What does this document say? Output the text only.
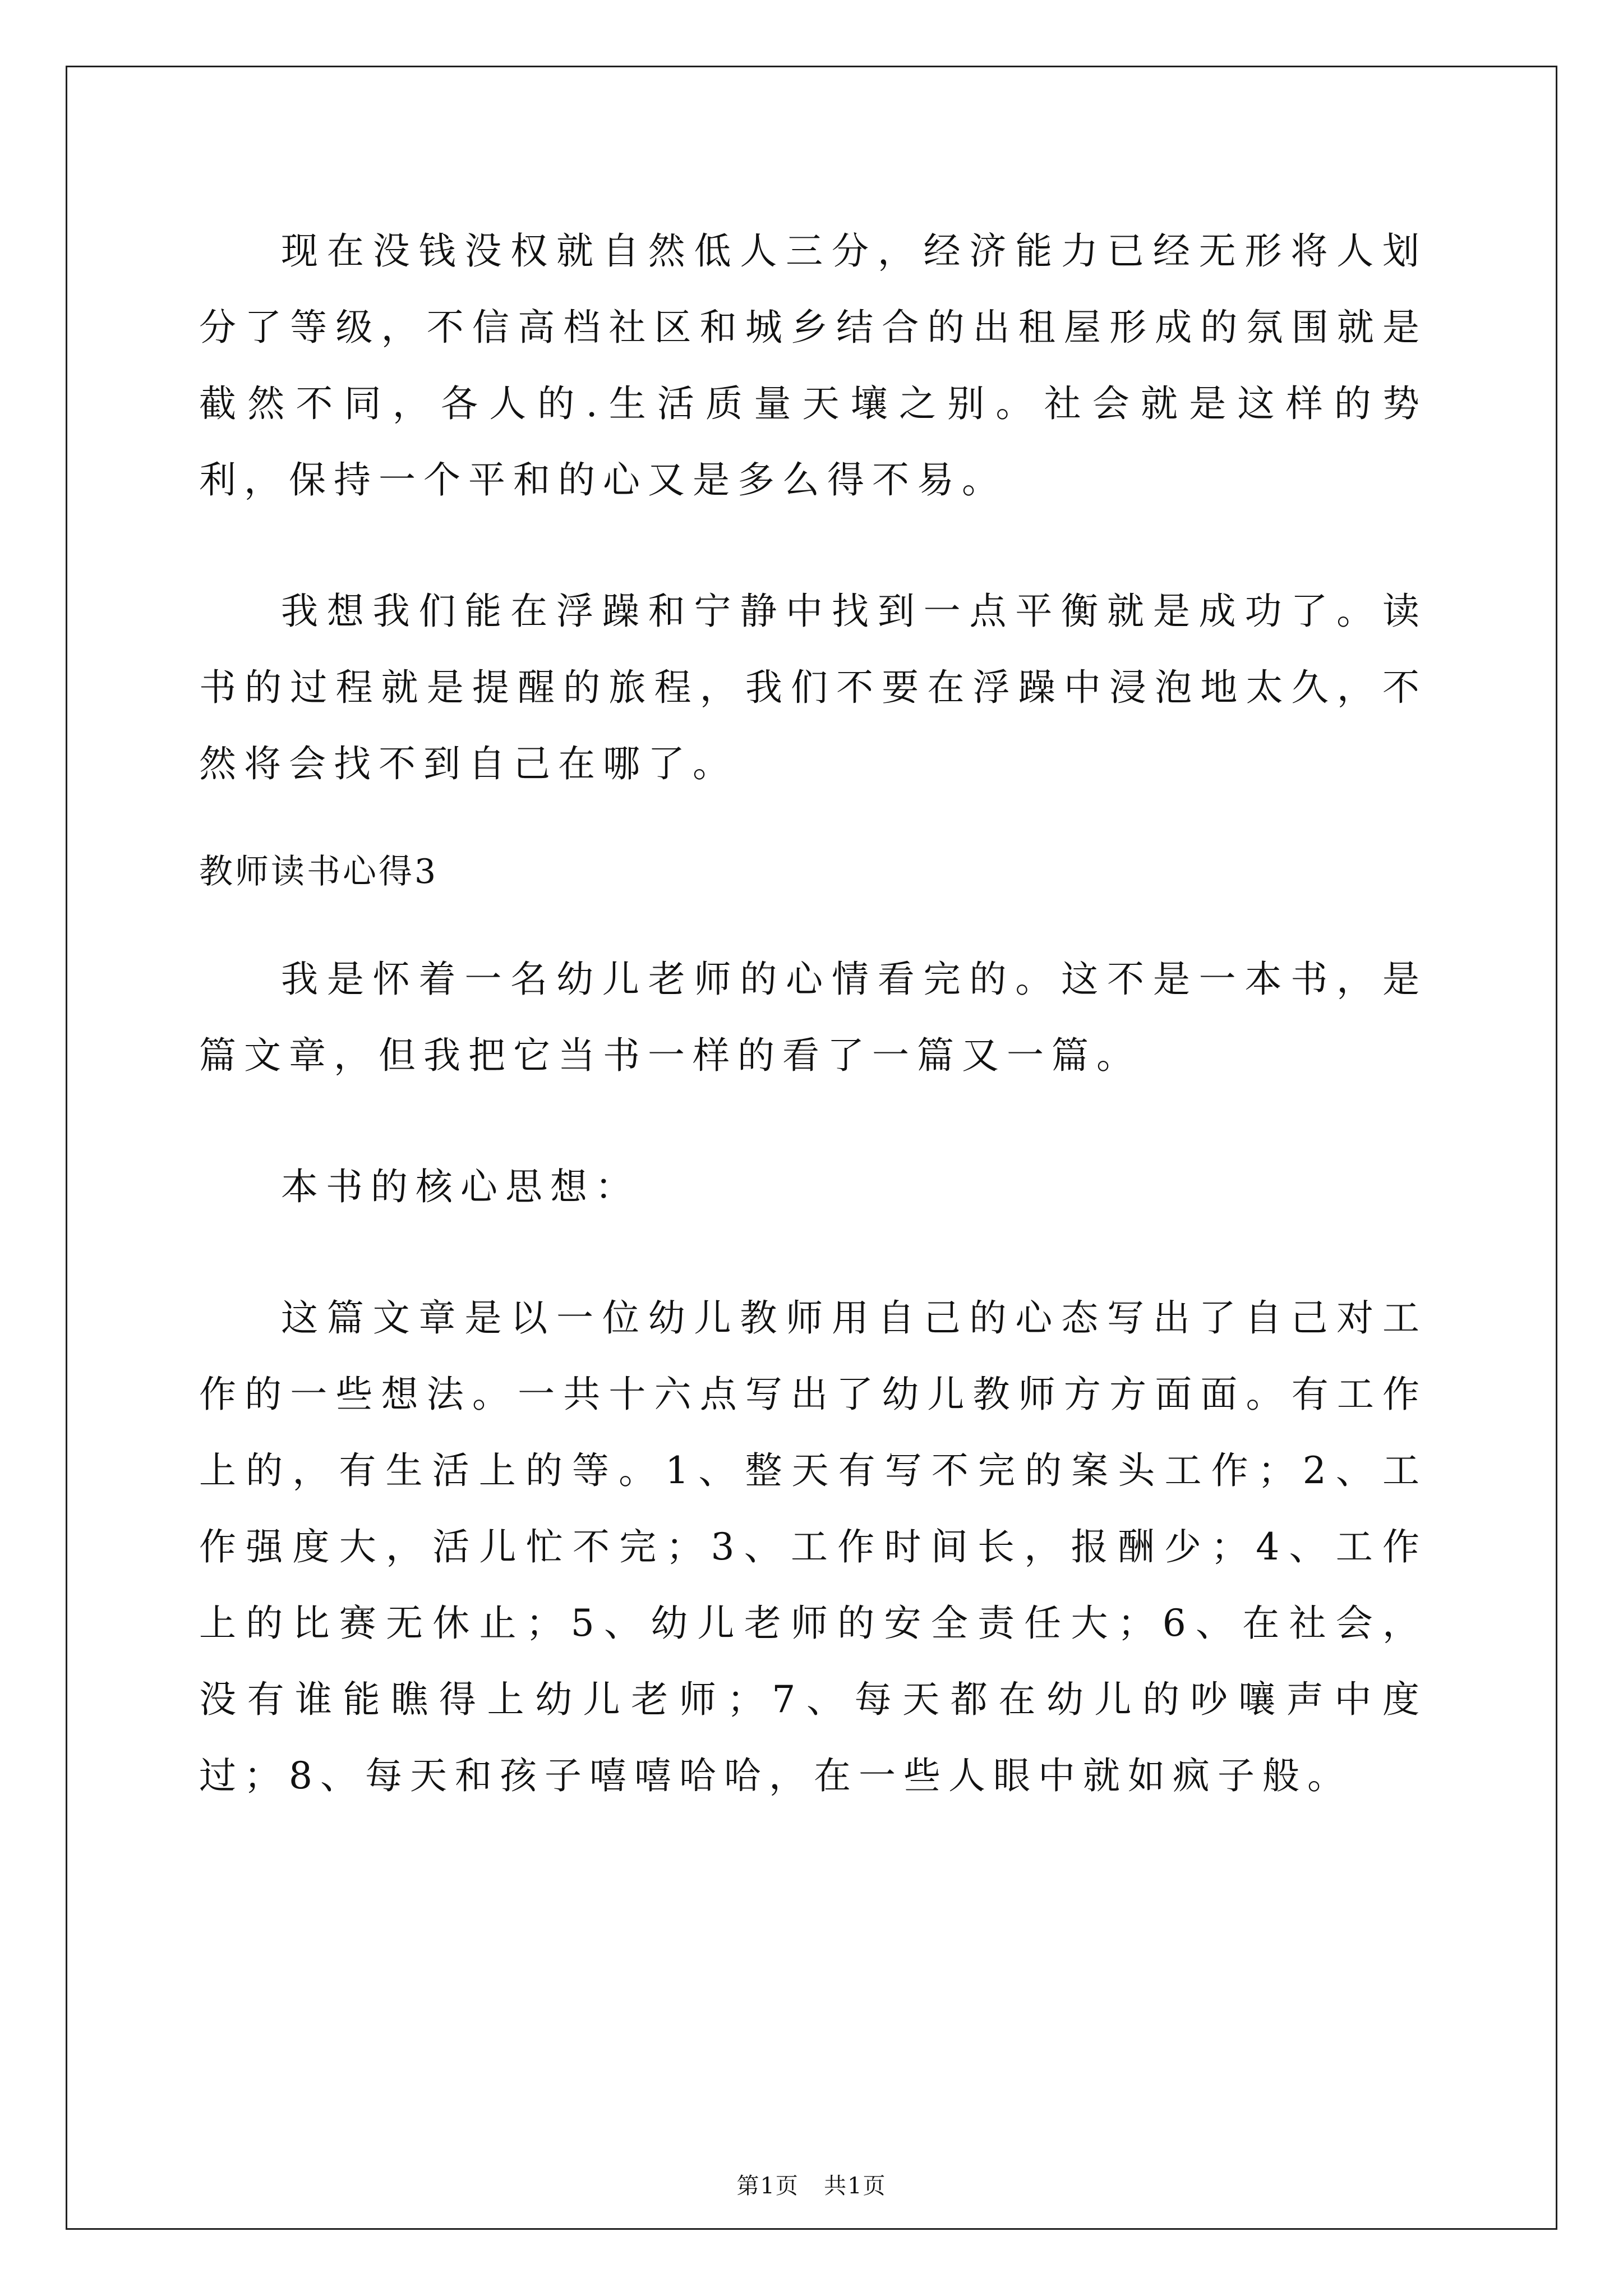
现在没钱没权就自然低人三分，经济能力已经无形将人划分了等级，不信高档社区和城乡结合的出租屋形成的氛围就是截然不同，各人的.生活质量天壤之别。社会就是这样的势利，保持一个平和的心又是多么得不易。

我想我们能在浮躁和宁静中找到一点平衡就是成功了。读书的过程就是提醒的旅程，我们不要在浮躁中浸泡地太久，不然将会找不到自己在哪了。

教师读书心得3

我是怀着一名幼儿老师的心情看完的。这不是一本书，是篇文章，但我把它当书一样的看了一篇又一篇。

本书的核心思想：

这篇文章是以一位幼儿教师用自己的心态写出了自己对工作的一些想法。一共十六点写出了幼儿教师方方面面。有工作上的，有生活上的等。1、整天有写不完的案头工作；2、工作强度大，活儿忙不完；3、工作时间长，报酬少；4、工作上的比赛无休止；5、幼儿老师的安全责任大；6、在社会，没有谁能瞧得上幼儿老师；7、每天都在幼儿的吵嚷声中度过；8、每天和孩子嘻嘻哈哈，在一些人眼中就如疯子般。

第1页 共1页
